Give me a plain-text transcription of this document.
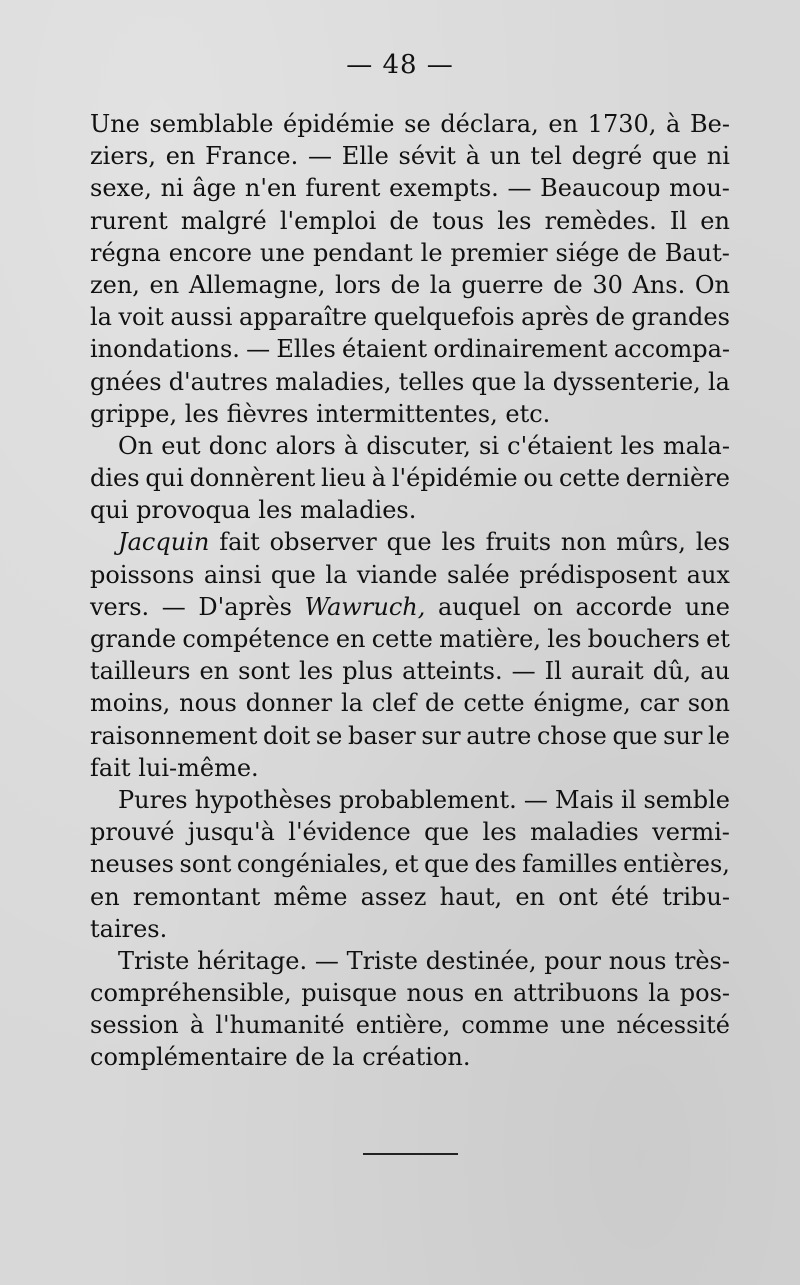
— 48 —
Une semblable épidémie se déclara, en 1730, à Be-
ziers, en France. — Elle sévit à un tel degré que ni
sexe, ni âge n'en furent exempts. — Beaucoup mou-
rurent malgré l'emploi de tous les remèdes. Il en
régna encore une pendant le premier siége de Baut-
zen, en Allemagne, lors de la guerre de 30 Ans. On
la voit aussi apparaître quelquefois après de grandes
inondations. — Elles étaient ordinairement accompa-
gnées d'autres maladies, telles que la dyssenterie, la
grippe, les fièvres intermittentes, etc.
On eut donc alors à discuter, si c'étaient les mala-
dies qui donnèrent lieu à l'épidémie ou cette dernière
qui provoqua les maladies.
Jacquin fait observer que les fruits non mûrs, les
poissons ainsi que la viande salée prédisposent aux
vers. — D'après Wawruch, auquel on accorde une
grande compétence en cette matière, les bouchers et
tailleurs en sont les plus atteints. — Il aurait dû, au
moins, nous donner la clef de cette énigme, car son
raisonnement doit se baser sur autre chose que sur le
fait lui-même.
Pures hypothèses probablement. — Mais il semble
prouvé jusqu'à l'évidence que les maladies vermi-
neuses sont congéniales, et que des familles entières,
en remontant même assez haut, en ont été tribu-
taires.
Triste héritage. — Triste destinée, pour nous très-
compréhensible, puisque nous en attribuons la pos-
session à l'humanité entière, comme une nécessité
complémentaire de la création.
